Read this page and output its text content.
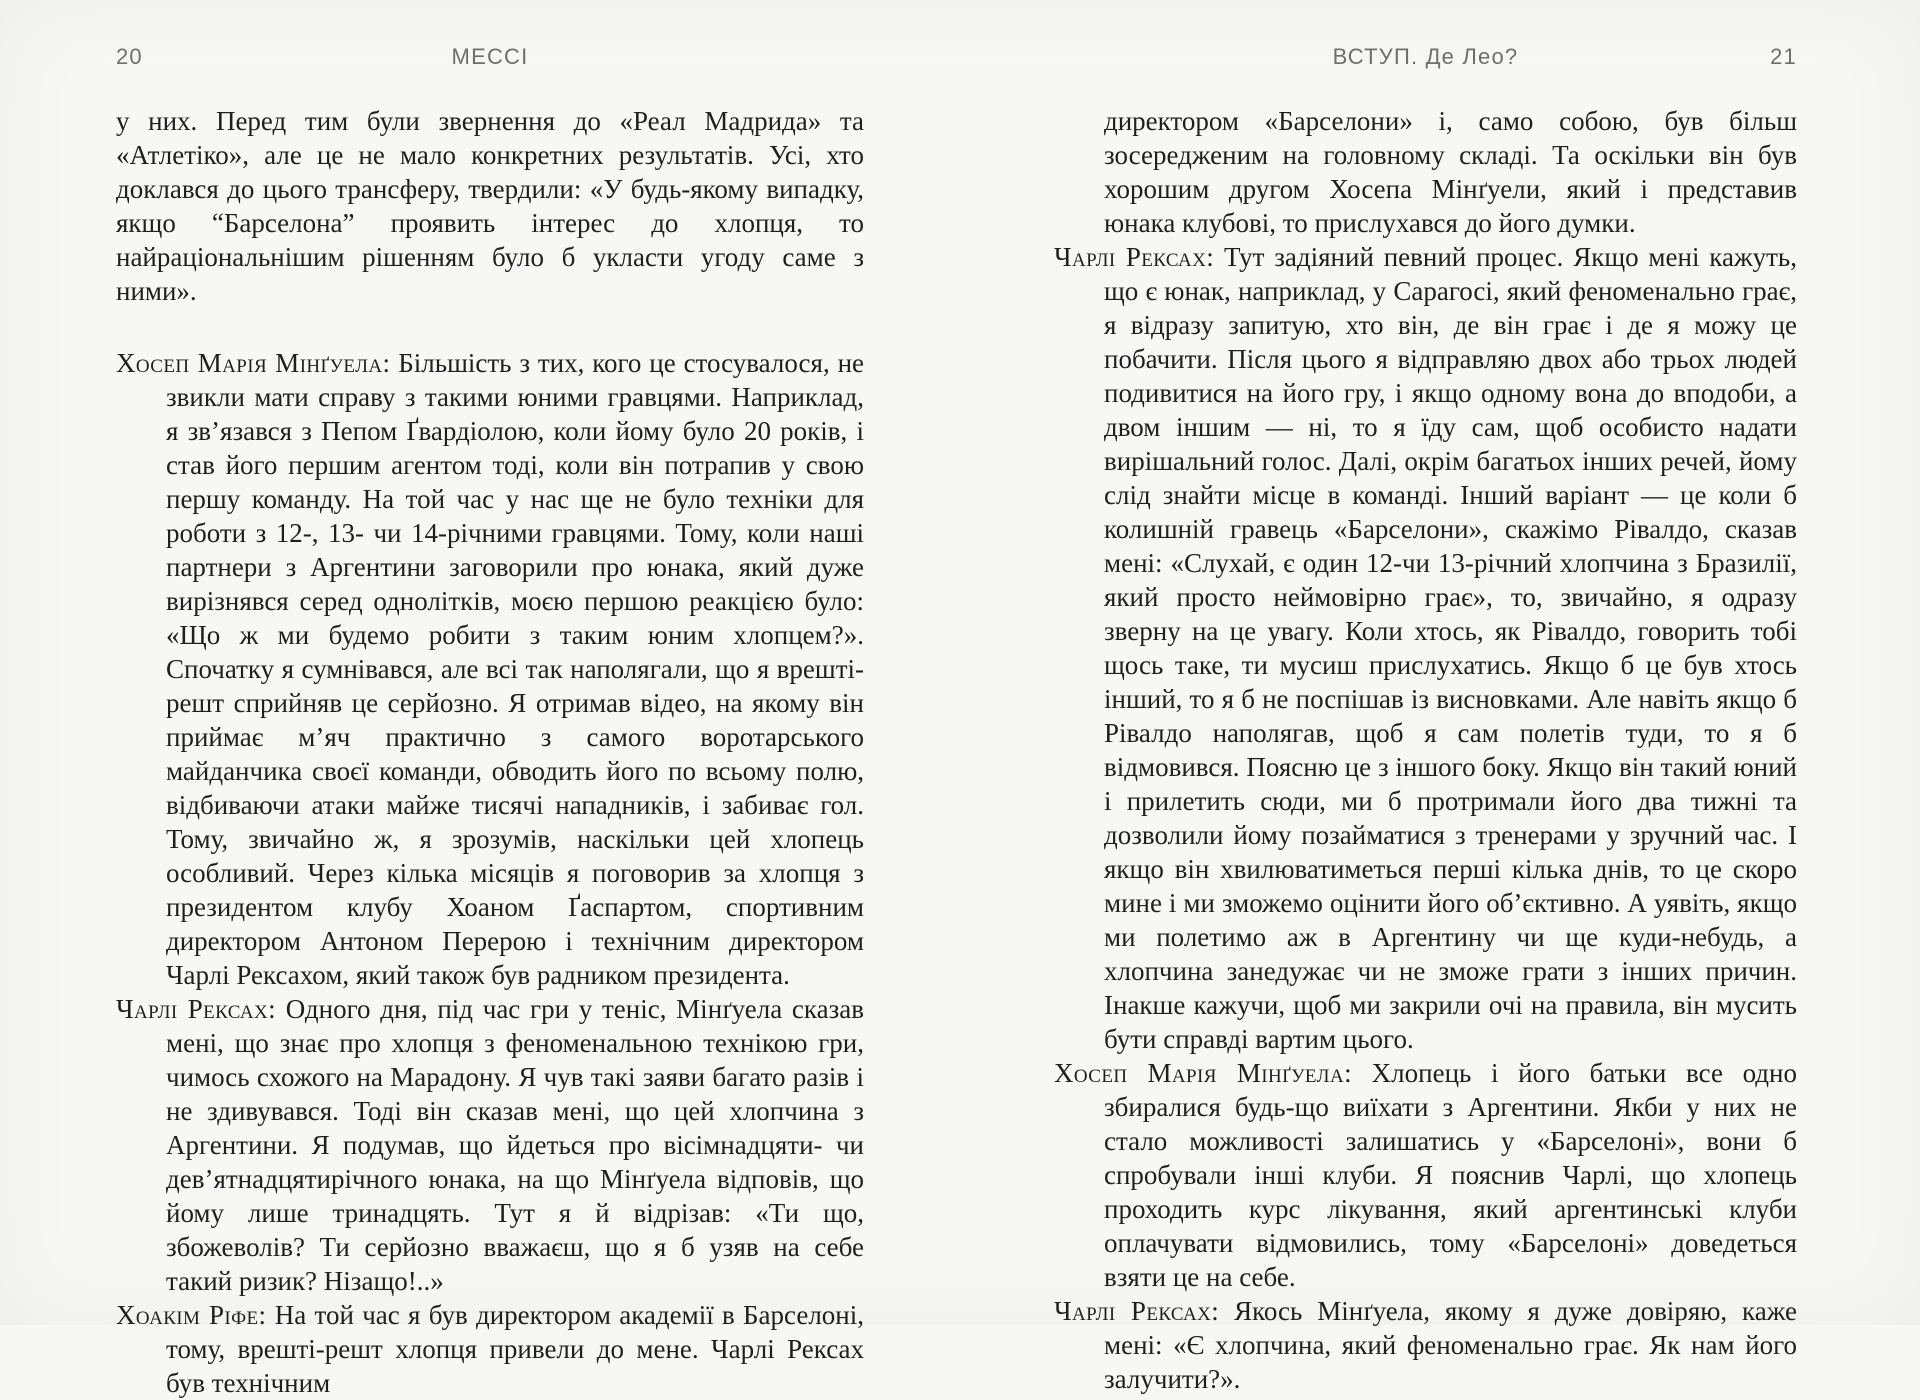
20	МЕССІ	ВСТУП. Де Лео?	21

у них. Перед тим були звернення до «Реал Мадрида» та «Атлетіко», але це не мало конкретних результатів. Усі, хто доклався до цього трансферу, твердили: «У будь-якому випадку, якщо “Барселона” проявить інтерес до хлопця, то найраціональнішим рішенням було б укласти угоду саме з ними».

Хосеп Марія Мінґуела: Більшість з тих, кого це стосувалося, не звикли мати справу з такими юними гравцями. Наприклад, я зв’язався з Пепом Ґвардіолою, коли йому було 20 років, і став його першим агентом тоді, коли він потрапив у свою першу команду. На той час у нас ще не було техніки для роботи з 12-, 13- чи 14-річними гравцями. Тому, коли наші партнери з Аргентини заговорили про юнака, який дуже вирізнявся серед однолітків, моєю першою реакцією було: «Що ж ми будемо робити з таким юним хлопцем?». Спочатку я сумнівався, але всі так наполягали, що я врешті-решт сприйняв це серйозно. Я отримав відео, на якому він приймає м’яч практично з самого воротарського майданчика своєї команди, обводить його по всьому полю, відбиваючи атаки майже тисячі нападників, і забиває гол. Тому, звичайно ж, я зрозумів, наскільки цей хлопець особливий. Через кілька місяців я поговорив за хлопця з президентом клубу Хоаном Ґаспартом, спортивним директором Антоном Перерою і технічним директором Чарлі Рексахом, який також був радником президента.

Чарлі Рексах: Одного дня, під час гри у теніс, Мінґуела сказав мені, що знає про хлопця з феноменальною технікою гри, чимось схожого на Марадону. Я чув такі заяви багато разів і не здивувався. Тоді він сказав мені, що цей хлопчина з Аргентини. Я подумав, що йдеться про вісімнадцяти- чи дев’ятнадцятирічного юнака, на що Мінґуела відповів, що йому лише тринадцять. Тут я й відрізав: «Ти що, збожеволів? Ти серйозно вважаєш, що я б узяв на себе такий ризик? Нізащо!..»

Хоакім Ріфе: На той час я був директором академії в Барселоні, тому, врешті-решт хлопця привели до мене. Чарлі Рексах був технічним

директором «Барселони» і, само собою, був більш зосередженим на головному складі. Та оскільки він був хорошим другом Хосепа Мінґуели, який і представив юнака клубові, то прислухався до його думки.

Чарлі Рексах: Тут задіяний певний процес. Якщо мені кажуть, що є юнак, наприклад, у Сарагосі, який феноменально грає, я відразу запитую, хто він, де він грає і де я можу це побачити. Після цього я відправляю двох або трьох людей подивитися на його гру, і якщо одному вона до вподоби, а двом іншим — ні, то я їду сам, щоб особисто надати вирішальний голос. Далі, окрім багатьох інших речей, йому слід знайти місце в команді. Інший варіант — це коли б колишній гравець «Барселони», скажімо Рівалдо, сказав мені: «Слухай, є один 12-чи 13-річний хлопчина з Бразилії, який просто неймовірно грає», то, звичайно, я одразу зверну на це увагу. Коли хтось, як Рівалдо, говорить тобі щось таке, ти мусиш прислухатись. Якщо б це був хтось інший, то я б не поспішав із висновками. Але навіть якщо б Рівалдо наполягав, щоб я сам полетів туди, то я б відмовився. Поясню це з іншого боку. Якщо він такий юний і прилетить сюди, ми б протримали його два тижні та дозволили йому позайматися з тренерами у зручний час. І якщо він хвилюватиметься перші кілька днів, то це скоро мине і ми зможемо оцінити його об’єктивно. А уявіть, якщо ми полетимо аж в Аргентину чи ще куди-небудь, а хлопчина занедужає чи не зможе грати з інших причин. Інакше кажучи, щоб ми закрили очі на правила, він мусить бути справді вартим цього.

Хосеп Марія Мінґуела: Хлопець і його батьки все одно збиралися будь-що виїхати з Аргентини. Якби у них не стало можливості залишатись у «Барселоні», вони б спробували інші клуби. Я пояснив Чарлі, що хлопець проходить курс лікування, який аргентинські клуби оплачувати відмовились, тому «Барселоні» доведеться взяти це на себе.

Чарлі Рексах: Якось Мінґуела, якому я дуже довіряю, каже мені: «Є хлопчина, який феноменально грає. Як нам його залучити?».
